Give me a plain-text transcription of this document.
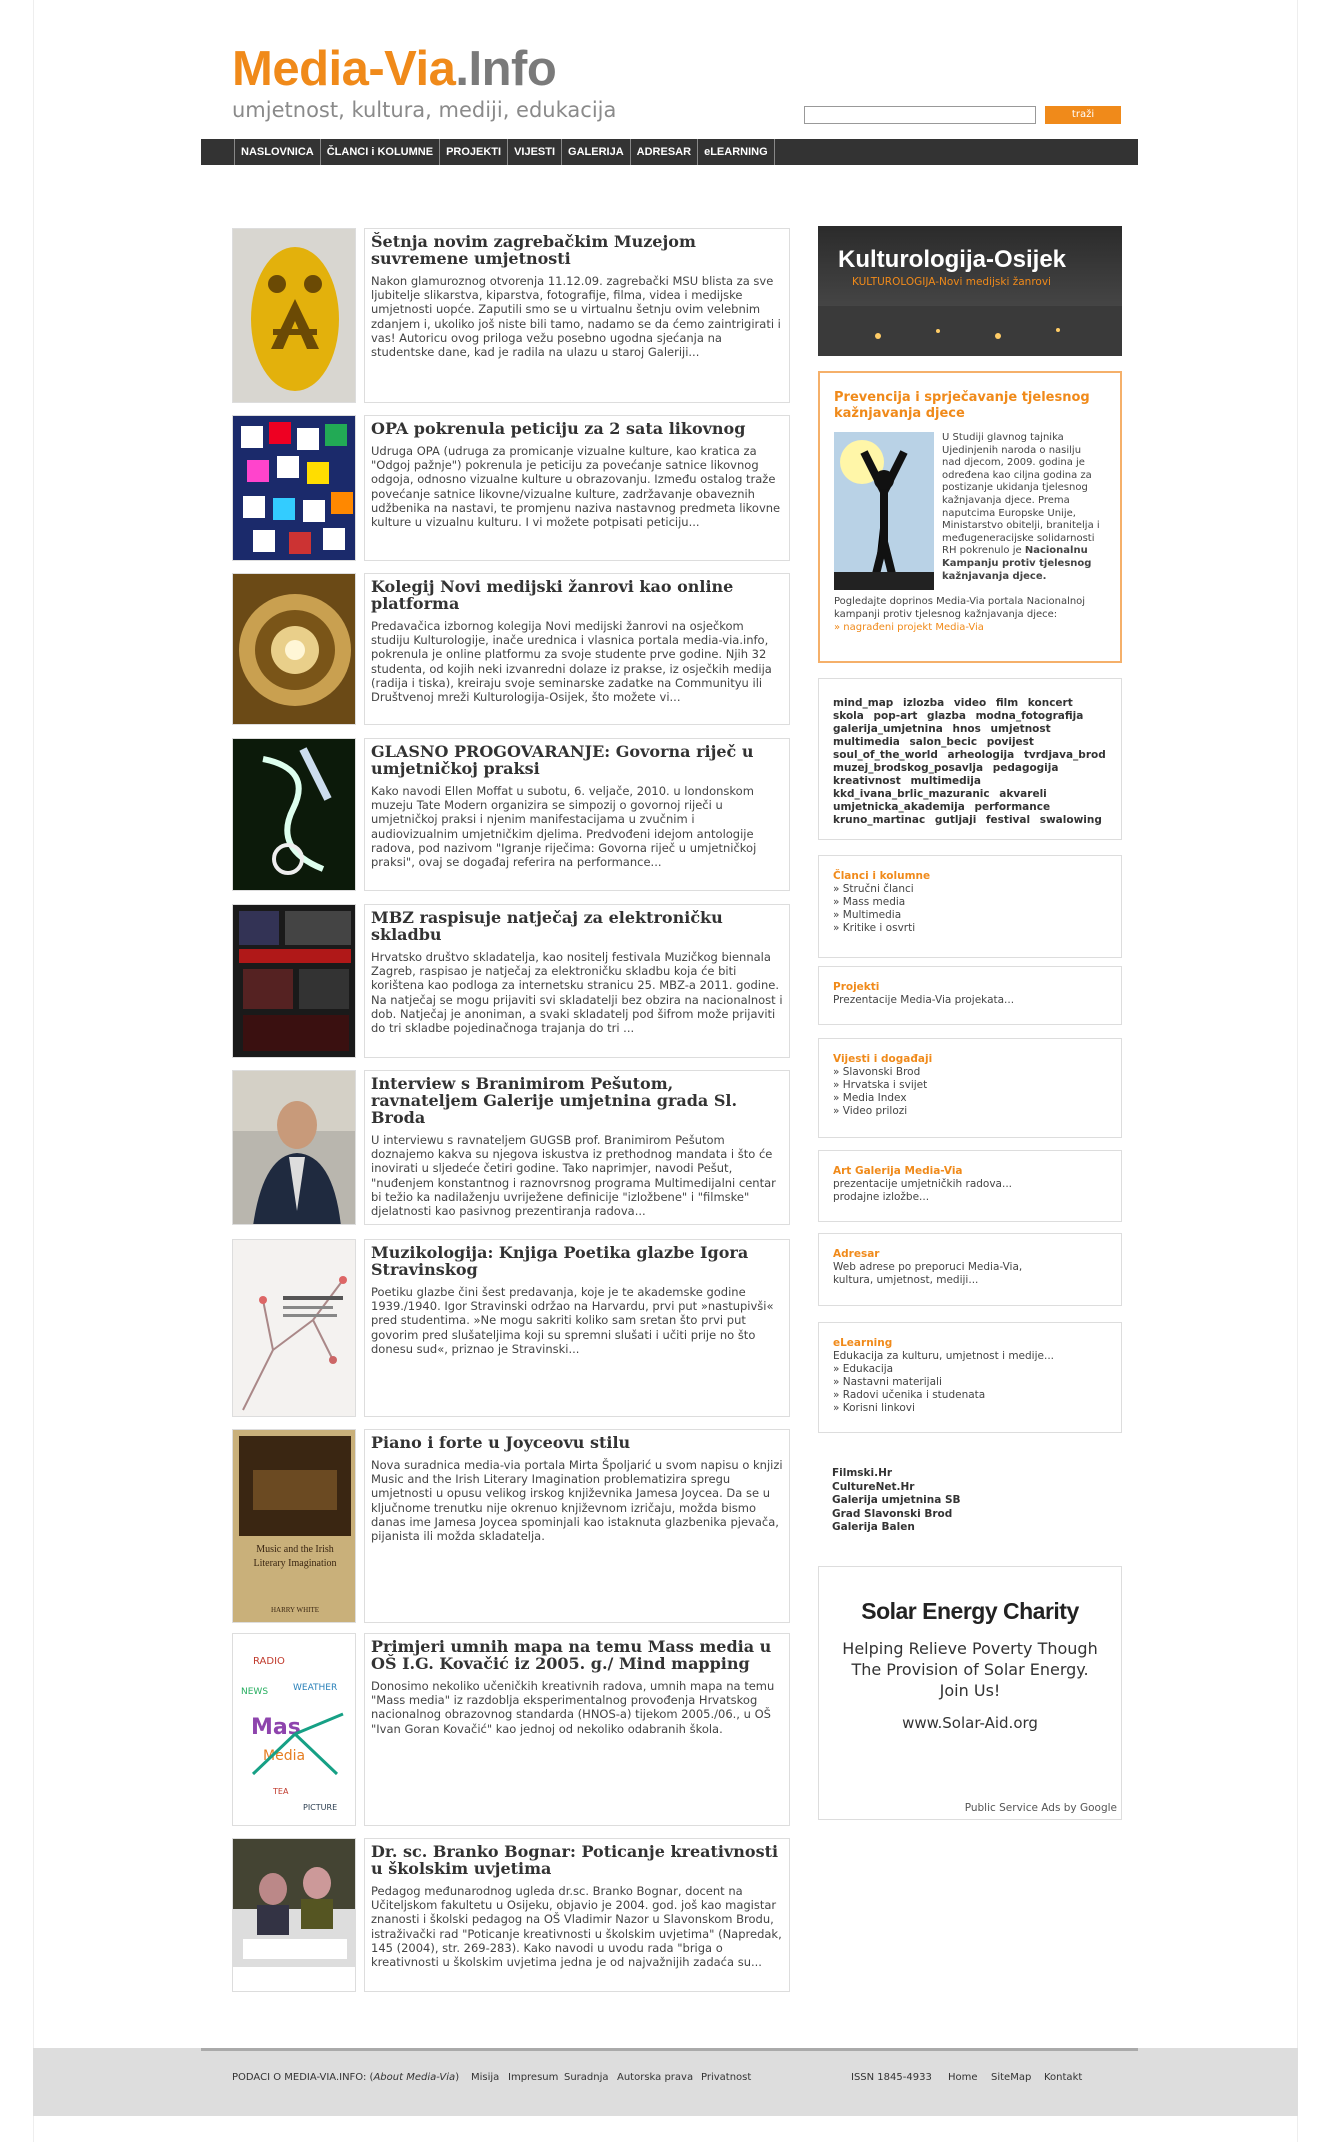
Media-Via.Info
umjetnost, kultura, mediji, edukacija	traži
NASLOVNICA	ČLANCI i KOLUMNE	PROJEKTI	VIJESTI	GALERIJA	ADRESAR	eLEARNING
Šetnja novim zagrebačkim Muzejom suvremene umjetnosti
Nakon glamuroznog otvorenja 11.12.09. zagrebački MSU blista za sve ljubitelje slikarstva, kiparstva, fotografije, filma, videa i medijske umjetnosti uopće. Zaputili smo se u virtualnu šetnju ovim velebnim zdanjem i, ukoliko još niste bili tamo, nadamo se da ćemo zaintrigirati i vas! Autoricu ovog priloga vežu posebno ugodna sjećanja na studentske dane, kad je radila na ulazu u staroj Galeriji...
OPA pokrenula peticiju za 2 sata likovnog
Udruga OPA (udruga za promicanje vizualne kulture, kao kratica za "Odgoj pažnje") pokrenula je peticiju za povećanje satnice likovnog odgoja, odnosno vizualne kulture u obrazovanju. Između ostalog traže povećanje satnice likovne/vizualne kulture, zadržavanje obaveznih udžbenika na nastavi, te promjenu naziva nastavnog predmeta likovne kulture u vizualnu kulturu. I vi možete potpisati peticiju...
Kolegij Novi medijski žanrovi kao online platforma
Predavačica izbornog kolegija Novi medijski žanrovi na osječkom studiju Kulturologije, inače urednica i vlasnica portala media-via.info, pokrenula je online platformu za svoje studente prve godine. Njih 32 studenta, od kojih neki izvanredni dolaze iz prakse, iz osječkih medija (radija i tiska), kreiraju svoje seminarske zadatke na Communityu ili Društvenoj mreži Kulturologija-Osijek, što možete vi...
GLASNO PROGOVARANJE: Govorna riječ u umjetničkoj praksi
Kako navodi Ellen Moffat u subotu, 6. veljače, 2010. u londonskom muzeju Tate Modern organizira se simpozij o govornoj riječi u umjetničkoj praksi i njenim manifestacijama u zvučnim i audiovizualnim umjetničkim djelima. Predvođeni idejom antologije radova, pod nazivom "Igranje riječima: Govorna riječ u umjetničkoj praksi", ovaj se događaj referira na performance...
MBZ raspisuje natječaj za elektroničku skladbu
Hrvatsko društvo skladatelja, kao nositelj festivala Muzičkog biennala Zagreb, raspisao je natječaj za elektroničku skladbu koja će biti korištena kao podloga za internetsku stranicu 25. MBZ-a 2011. godine. Na natječaj se mogu prijaviti svi skladatelji bez obzira na nacionalnost i dob. Natječaj je anoniman, a svaki skladatelj pod šifrom može prijaviti do tri skladbe pojedinačnoga trajanja do tri ...
Interview s Branimirom Pešutom, ravnateljem Galerije umjetnina grada Sl. Broda
U interviewu s ravnateljem GUGSB prof. Branimirom Pešutom doznajemo kakva su njegova iskustva iz prethodnog mandata i što će inovirati u sljedeće četiri godine. Tako naprimjer, navodi Pešut, "nuđenjem konstantnog i raznovrsnog programa Multimedijalni centar bi težio ka nadilaženju uvriježene definicije "izložbene" i "filmske" djelatnosti kao pasivnog prezentiranja radova...
Muzikologija: Knjiga Poetika glazbe Igora Stravinskog
Poetiku glazbe čini šest predavanja, koje je te akademske godine 1939./1940. Igor Stravinski održao na Harvardu, prvi put »nastupivši« pred studentima. »Ne mogu sakriti koliko sam sretan što prvi put govorim pred slušateljima koji su spremni slušati i učiti prije no što donesu sud«, priznao je Stravinski...
Music and the Irish
Literary Imagination
HARRY WHITE
Piano i forte u Joyceovu stilu
Nova suradnica media-via portala Mirta Špoljarić u svom napisu o knjizi Music and the Irish Literary Imagination problematizira spregu umjetnosti u opusu velikog irskog književnika Jamesa Joycea. Da se u ključnome trenutku nije okrenuo književnom izričaju, možda bismo danas ime Jamesa Joycea spominjali kao istaknuta glazbenika pjevača, pijanista ili možda skladatelja.
RADIO
WEATHER
NEWS
Mas
Media
TEA
PICTURE
Primjeri umnih mapa na temu Mass media u OŠ I.G. Kovačić iz 2005. g./ Mind mapping
Donosimo nekoliko učeničkih kreativnih radova, umnih mapa na temu "Mass media" iz razdoblja eksperimentalnog provođenja Hrvatskog nacionalnog obrazovnog standarda (HNOS-a) tijekom 2005./06., u OŠ "Ivan Goran Kovačić" kao jednoj od nekoliko odabranih škola.
Dr. sc. Branko Bognar: Poticanje kreativnosti u školskim uvjetima
Pedagog međunarodnog ugleda dr.sc. Branko Bognar, docent na Učiteljskom fakultetu u Osijeku, objavio je 2004. god. još kao magistar znanosti i školski pedagog na OŠ Vladimir Nazor u Slavonskom Brodu, istraživački rad "Poticanje kreativnosti u školskim uvjetima" (Napredak, 145 (2004), str. 269-283). Kako navodi u uvodu rada "briga o kreativnosti u školskim uvjetima jedna je od najvažnijih zadaća su...
Kulturologija-Osijek
KULTUROLOGIJA-Novi medijski žanrovi
Prevencija i sprječavanje tjelesnog kažnjavanja djece
U Studiji glavnog tajnika Ujedinjenih naroda o nasilju nad djecom, 2009. godina je određena kao ciljna godina za postizanje ukidanja tjelesnog kažnjavanja djece. Prema naputcima Europske Unije, Ministarstvo obitelji, branitelja i međugeneracijske solidarnosti RH pokrenulo je Nacionalnu Kampanju protiv tjelesnog kažnjavanja djece.
Pogledajte doprinos Media-Via portala Nacionalnoj kampanji protiv tjelesnog kažnjavanja djece:
» nagrađeni projekt Media-Via
mind_map izlozba video film koncert skola pop-art glazba modna_fotografija galerija_umjetnina hnos umjetnost multimedia salon_becic povijest soul_of_the_world arheologija tvrdjava_brod muzej_brodskog_posavlja pedagogija kreativnost multimedija kkd_ivana_brlic_mazuranic akvareli umjetnicka_akademija performance kruno_martinac gutljaji festival swalowing
Članci i kolumne
» Stručni članci
» Mass media
» Multimedia
» Kritike i osvrti
Projekti
Prezentacije Media-Via projekata...
Vijesti i događaji
» Slavonski Brod
» Hrvatska i svijet
» Media Index
» Video prilozi
Art Galerija Media-Via
prezentacije umjetničkih radova...
prodajne izložbe...
Adresar
Web adrese po preporuci Media-Via,
kultura, umjetnost, mediji...
eLearning
Edukacija za kulturu, umjetnost i medije...
» Edukacija
» Nastavni materijali
» Radovi učenika i studenata
» Korisni linkovi
Filmski.Hr
CultureNet.Hr
Galerija umjetnina SB
Grad Slavonski Brod
Galerija Balen
Solar Energy Charity
Helping Relieve Poverty Though The Provision of Solar Energy. Join Us!
www.Solar-Aid.org
Public Service Ads by Google
PODACI O MEDIA-VIA.INFO: (About Media-Via) Misija Impresum Suradnja Autorska prava Privatnost	ISSN 1845-4933 Home SiteMap Kontakt
